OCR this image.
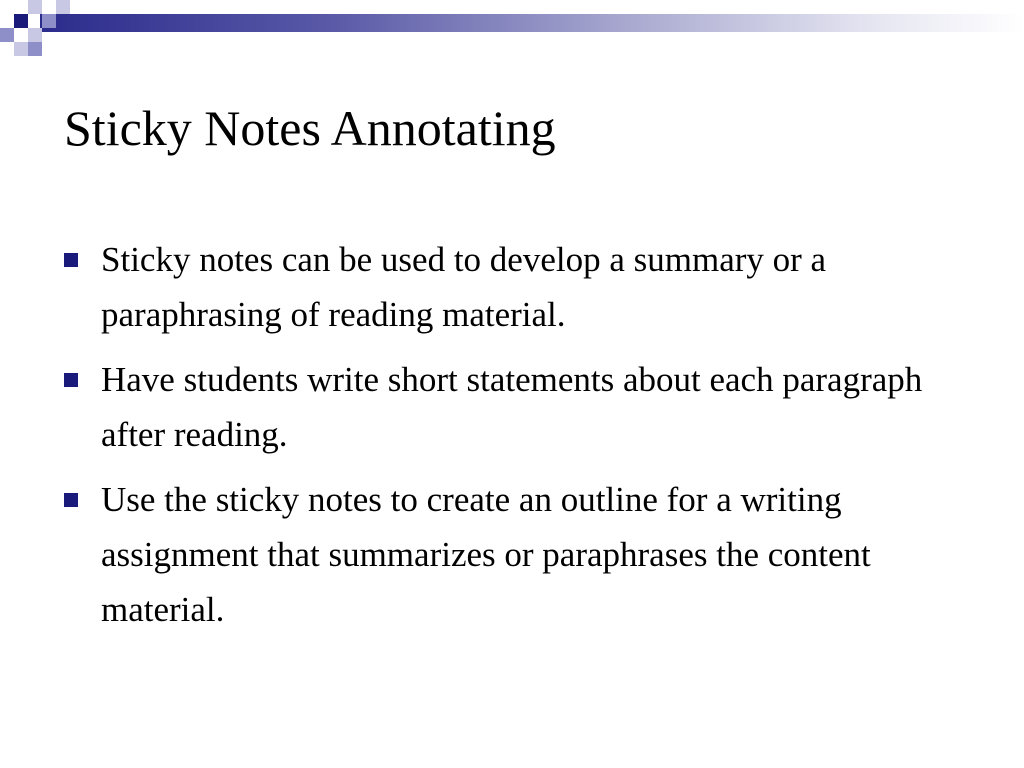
Sticky Notes Annotating
Sticky notes can be used to develop a summary or a paraphrasing of reading material.
Have students write short statements about each paragraph after reading.
Use the sticky notes to create an outline for a writing assignment that summarizes or paraphrases the content material.
